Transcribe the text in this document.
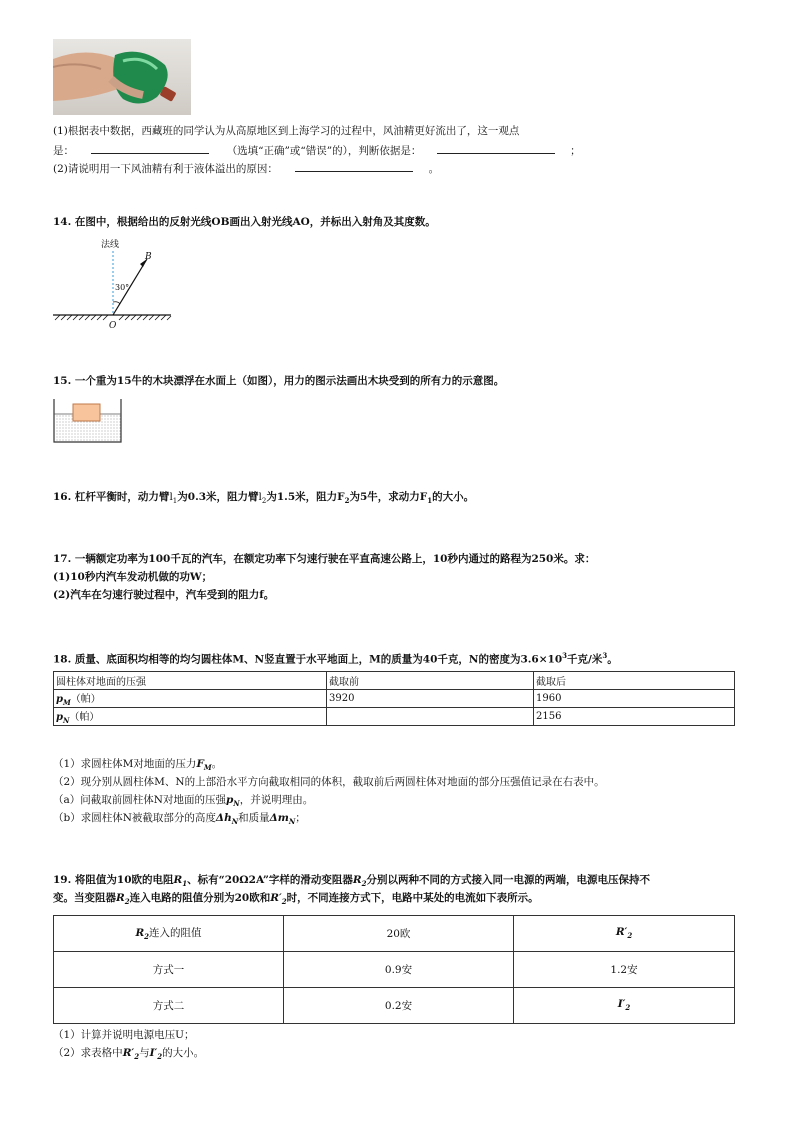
(1)根据表中数据，西藏班的同学认为从高原地区到上海学习的过程中，风油精更好流出了，这一观点
是：	（选填“正确”或“错误”的），判断依据是：	；
(2)请说明用一下风油精有利于液体溢出的原因：	。
14. 在图中，根据给出的反射光线OB画出入射光线AO，并标出入射角及其度数。
法线
B
30°
O
15. 一个重为15牛的木块漂浮在水面上（如图），用力的图示法画出木块受到的所有力的示意图。
16. 杠杆平衡时，动力臂$l_1$为0.3米，阻力臂$l_2$为1.5米，阻力$F_2$为5牛，求动力$F_1$的大小。
17. 一辆额定功率为100千瓦的汽车，在额定功率下匀速行驶在平直高速公路上，10秒内通过的路程为250米。求：
(1)10秒内汽车发动机做的功W；
(2)汽车在匀速行驶过程中，汽车受到的阻力f。
18. 质量、底面积均相等的均匀圆柱体M、N竖直置于水平地面上，M的质量为40千克，N的密度为$3.6\times 10^3$千克/米$^3$。
圆柱体对地面的压强	截取前	截取后
$p_M$（帕）	3920	1960
$p_N$（帕）		2156
（1）求圆柱体M对地面的压力$F_M$。
（2）现分别从圆柱体M、N的上部沿水平方向截取相同的体积，截取前后两圆柱体对地面的部分压强值记录在右表中。
（a）问截取前圆柱体N对地面的压强$p_N$，并说明理由。
（b）求圆柱体N被截取部分的高度$\Delta h_N$和质量$\Delta m_N$；
19. 将阻值为10欧的电阻$R_1$、标有“20Ω2A”字样的滑动变阻器$R_2$分别以两种不同的方式接入同一电源的两端，电源电压保持不
变。当变阻器$R_2$连入电路的阻值分别为20欧和$R'_2$时，不同连接方式下，电路中某处的电流如下表所示。
$R_2$连入的阻值	20欧	$R'_2$
方式一	0.9安	1.2安
方式二	0.2安	$I'_2$
（1）计算并说明电源电压U；
（2）求表格中$R'_2$与$I'_2$的大小。
